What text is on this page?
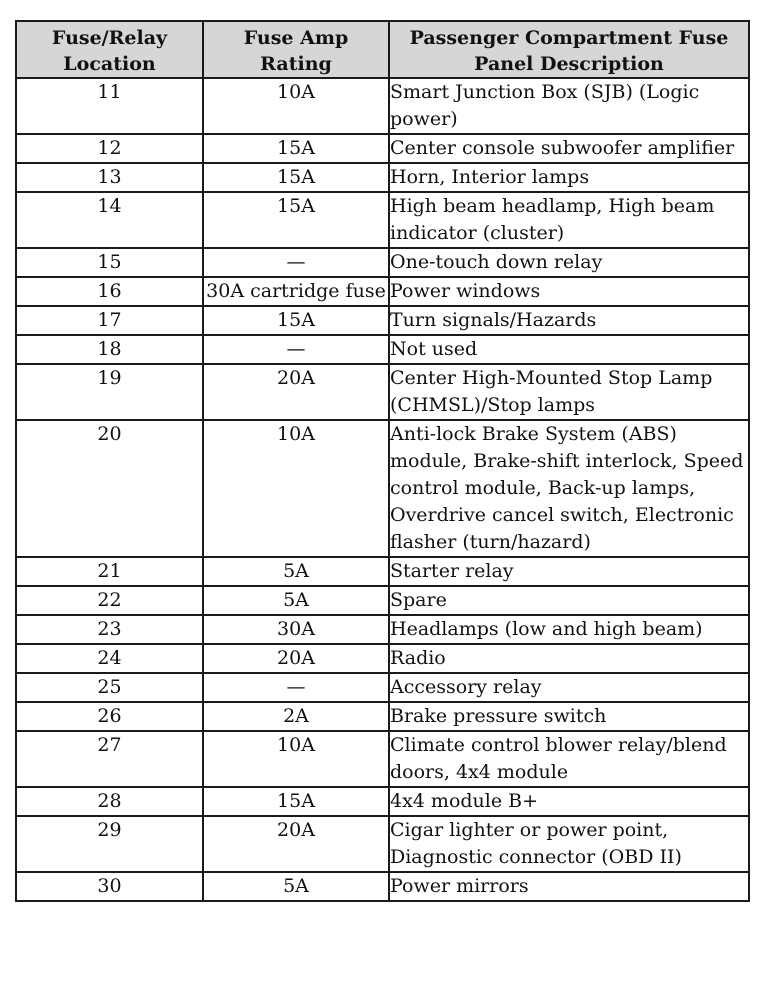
Fuse/Relay Location	Fuse Amp Rating	Passenger Compartment Fuse Panel Description
11	10A	Smart Junction Box (SJB) (Logic power)
12	15A	Center console subwoofer amplifier
13	15A	Horn, Interior lamps
14	15A	High beam headlamp, High beam indicator (cluster)
15	—	One-touch down relay
16	30A cartridge fuse	Power windows
17	15A	Turn signals/Hazards
18	—	Not used
19	20A	Center High-Mounted Stop Lamp (CHMSL)/Stop lamps
20	10A	Anti-lock Brake System (ABS) module, Brake-shift interlock, Speed control module, Back-up lamps, Overdrive cancel switch, Electronic flasher (turn/hazard)
21	5A	Starter relay
22	5A	Spare
23	30A	Headlamps (low and high beam)
24	20A	Radio
25	—	Accessory relay
26	2A	Brake pressure switch
27	10A	Climate control blower relay/blend doors, 4x4 module
28	15A	4x4 module B+
29	20A	Cigar lighter or power point, Diagnostic connector (OBD II)
30	5A	Power mirrors
